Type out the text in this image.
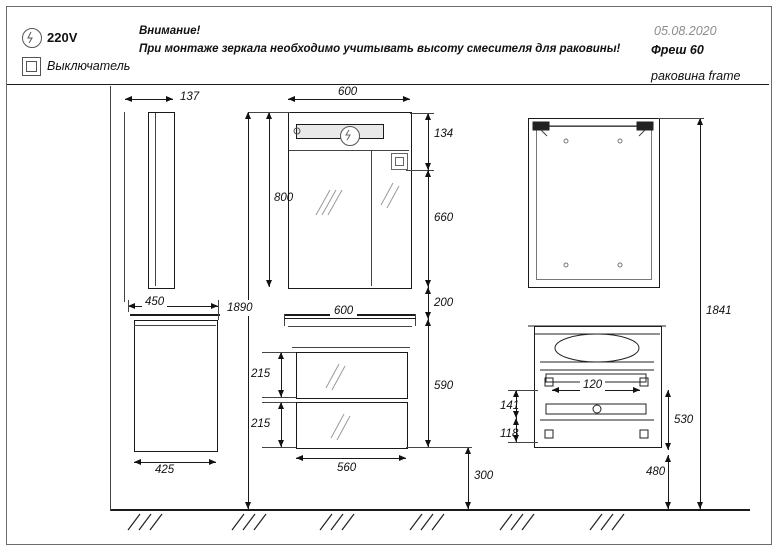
220V
Выключатель
Внимание!
При монтаже зеркала необходимо учитывать высоту смесителя для раковины!
05.08.2020
Фреш 60
раковина frame
137
450
425
600
134
660
800
200
600
215
215
590
560
300
1890	1841
120
141
118
530
480
